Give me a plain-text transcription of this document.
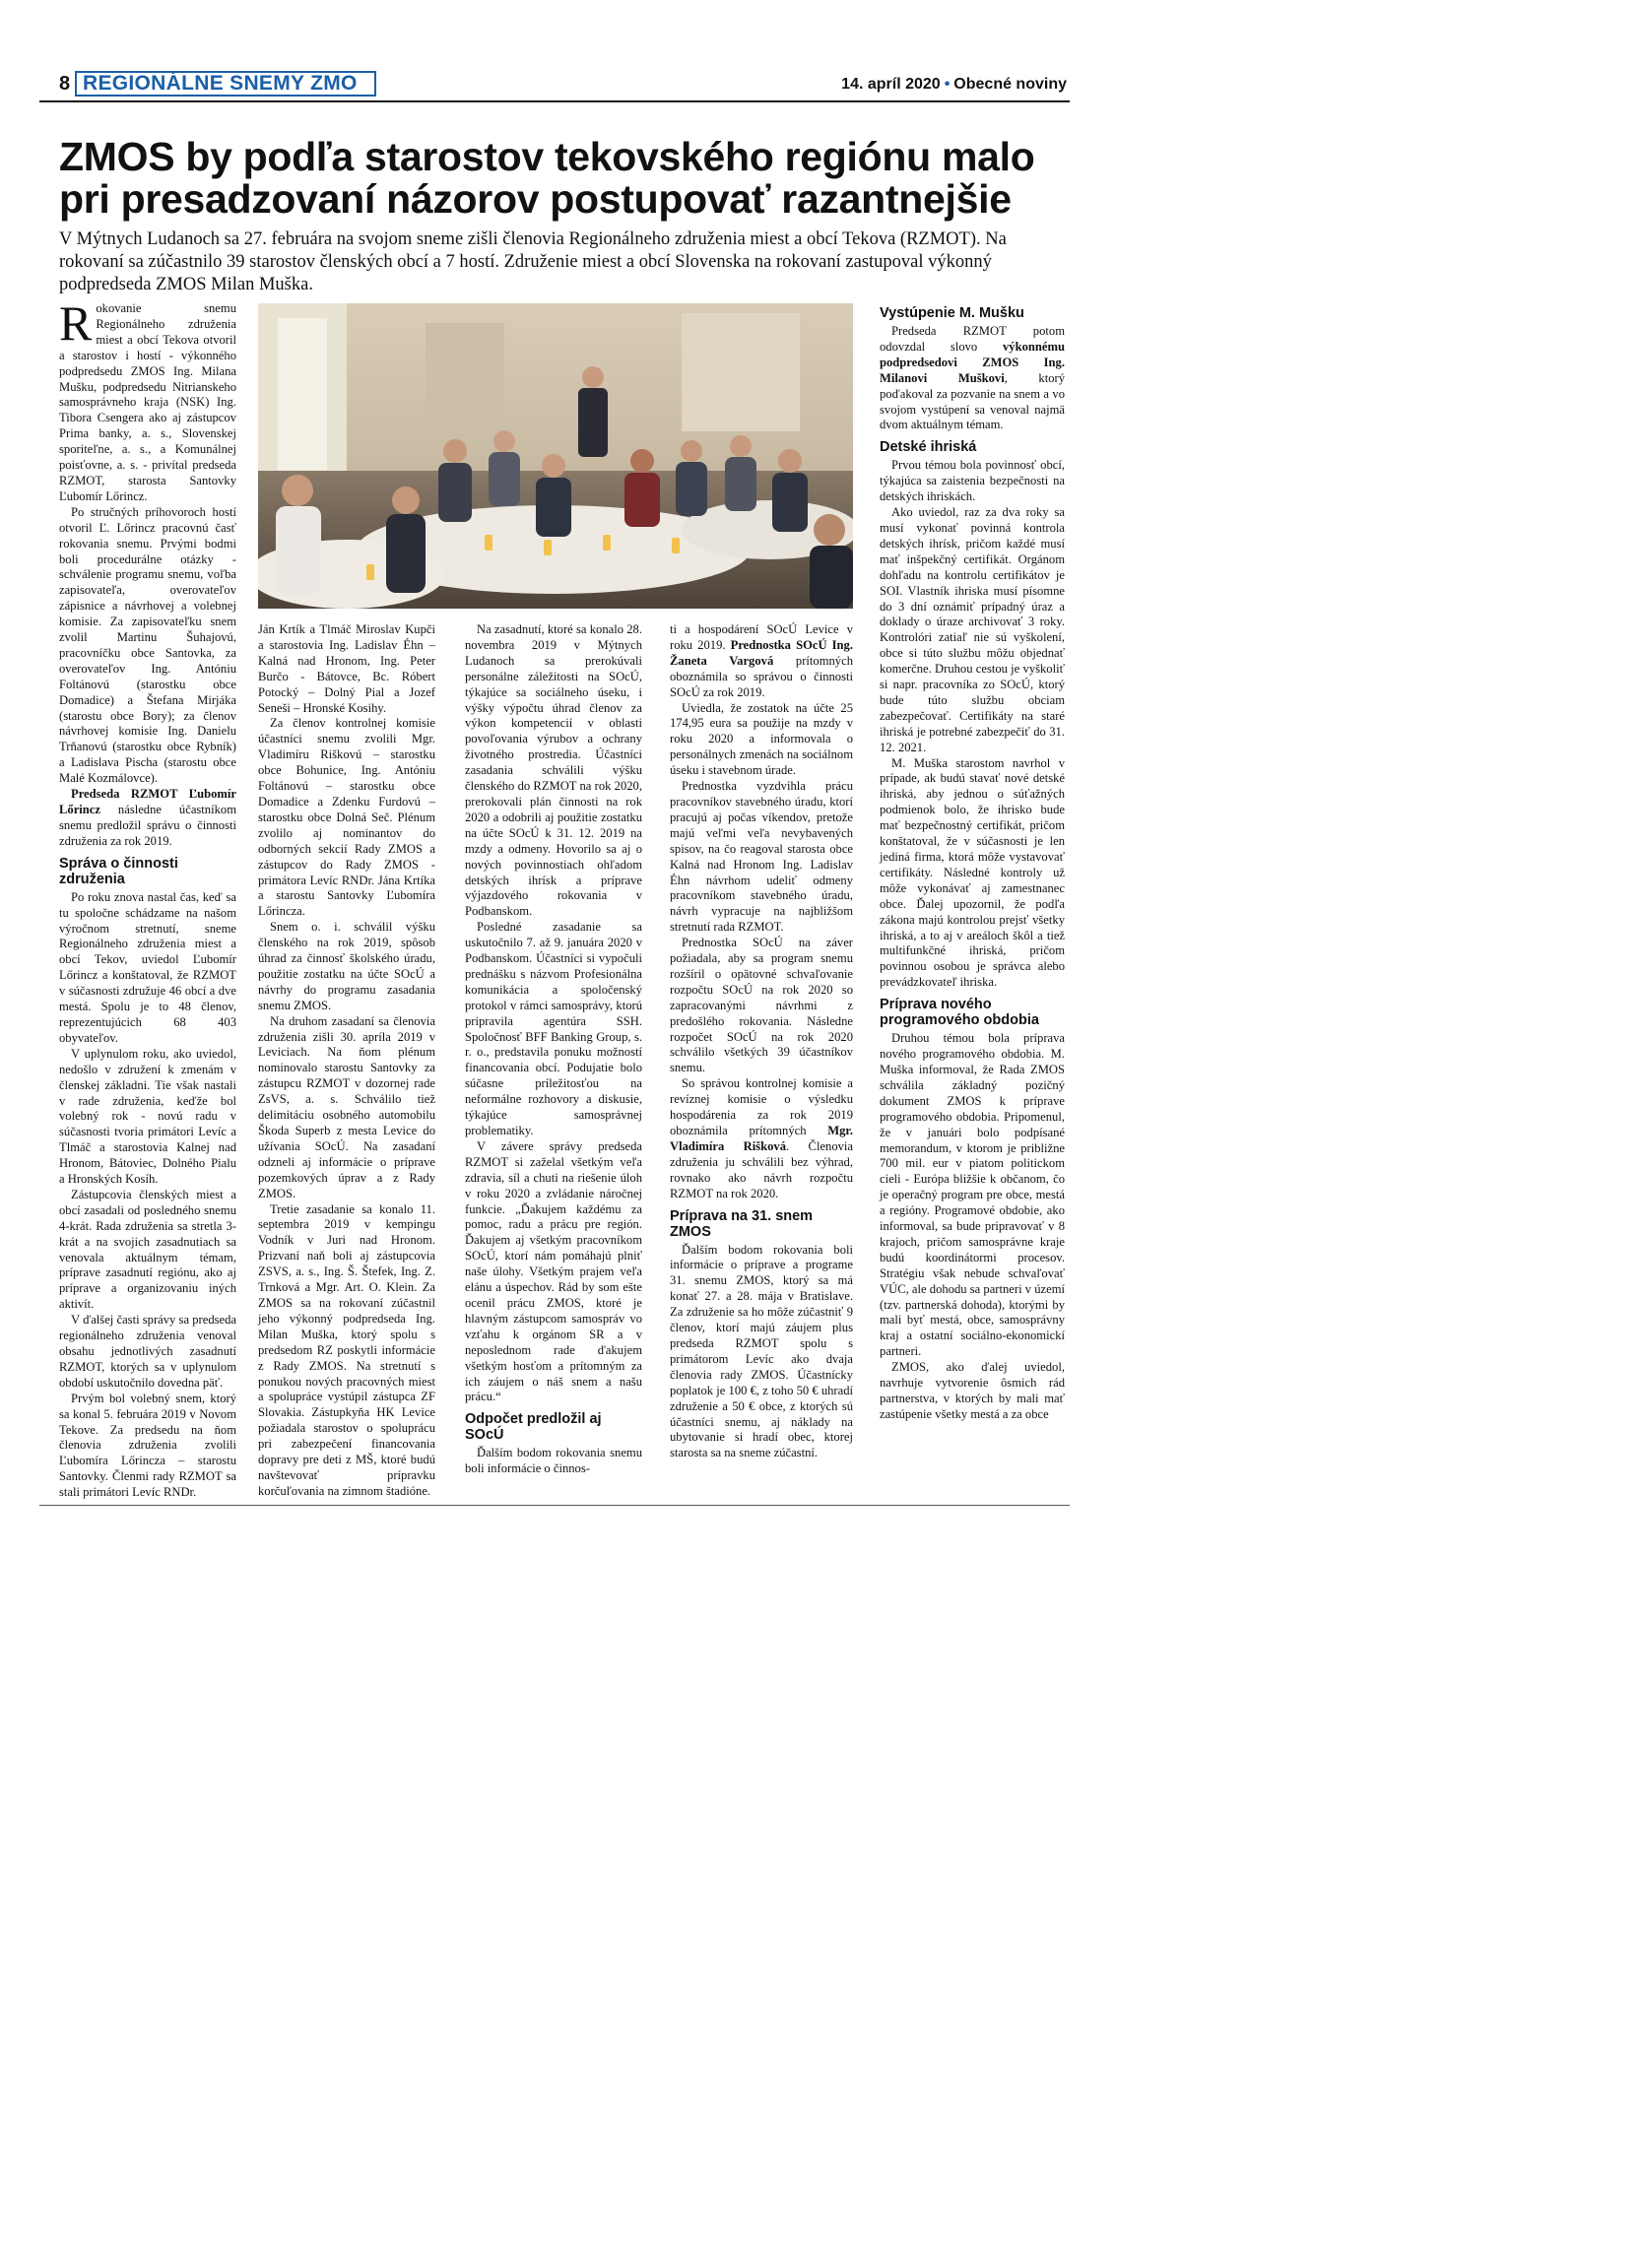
8 REGIONÁLNE SNEMY ZMO	14. apríl 2020 • Obecné noviny
ZMOS by podľa starostov tekovského regiónu malo
pri presadzovaní názorov postupovať razantnejšie
V Mýtnych Ludanoch sa 27. februára na svojom sneme zišli členovia Regionálneho združenia miest a obcí Tekova (RZMOT). Na rokovaní sa zúčastnilo 39 starostov členských obcí a 7 hostí. Združenie miest a obcí Slovenska na rokovaní zastupoval výkonný podpredseda ZMOS Milan Muška.

Rokovanie snemu Regionálneho združenia miest a obcí Tekova otvoril a starostov i hostí - výkonného podpredsedu ZMOS Ing. Milana Mušku, podpredsedu Nitrianskeho samosprávneho kraja (NSK) Ing. Tibora Csengera ako aj zástupcov Prima banky, a. s., Slovenskej sporiteľne, a. s., a Komunálnej poisťovne, a. s. - privítal predseda RZMOT, starosta Santovky Ľubomír Lőrincz.

Po stručných príhovoroch hostí otvoril Ľ. Lőrincz pracovnú časť rokovania snemu. Prvými bodmi boli procedurálne otázky - schválenie programu snemu, voľba zapisovateľa, overovateľov zápisnice a návrhovej a volebnej komisie. Za zapisovateľku snem zvolil Martinu Šuhajovú, pracovníčku obce Santovka, za overovateľov Ing. Antóniu Foltánovú (starostku obce Domadice) a Štefana Mirjáka (starostu obce Bory); za členov návrhovej komisie Ing. Danielu Trňanovú (starostku obce Rybník) a Ladislava Pischa (starostu obce Malé Kozmálovce).

Predseda RZMOT Ľubomír Lőrincz následne účastníkom snemu predložil správu o činnosti združenia za rok 2019.

Správa o činnosti združenia

Po roku znova nastal čas, keď sa tu spoločne schádzame na našom výročnom stretnutí, sneme Regionálneho združenia miest a obcí Tekov, uviedol Ľubomír Lőrincz a konštatoval, že RZMOT v súčasnosti združuje 46 obcí a dve mestá. Spolu je to 48 členov, reprezentujúcich 68 403 obyvateľov.

V uplynulom roku, ako uviedol, nedošlo v združení k zmenám v členskej základni. Tie však nastali v rade združenia, keďže bol volebný rok - novú radu v súčasnosti tvoria primátori Levíc a Tlmáč a starostovia Kalnej nad Hronom, Bátoviec, Dolného Pialu a Hronských Kosíh.

Zástupcovia členských miest a obcí zasadali od posledného snemu 4-krát. Rada združenia sa stretla 3-krát a na svojich zasadnutiach sa venovala aktuálnym témam, príprave zasadnutí regiónu, ako aj príprave a organizovaniu iných aktivít.

V ďalšej časti správy sa predseda regionálneho združenia venoval obsahu jednotlivých zasadnutí RZMOT, ktorých sa v uplynulom období uskutočnilo dovedna päť.

Prvým bol volebný snem, ktorý sa konal 5. februára 2019 v Novom Tekove. Za predsedu na ňom členovia združenia zvolili Ľubomíra Lőrincza – starostu Santovky. Členmi rady RZMOT sa stali primátori Levíc RNDr.

Ján Krtík a Tlmáč Miroslav Kupči a starostovia Ing. Ladislav Éhn – Kalná nad Hronom, Ing. Peter Burčo - Bátovce, Bc. Róbert Potocký – Dolný Pial a Jozef Seneši – Hronské Kosihy.

Za členov kontrolnej komisie účastníci snemu zvolili Mgr. Vladimíru Riškovú – starostku obce Bohunice, Ing. Antóniu Foltánovú – starostku obce Domadice a Zdenku Furdovú – starostku obce Dolná Seč. Plénum zvolilo aj nominantov do odborných sekcií Rady ZMOS a zástupcov do Rady ZMOS - primátora Levíc RNDr. Jána Krtíka a starostu Santovky Ľubomíra Lőrincza.

Snem o. i. schválil výšku členského na rok 2019, spôsob úhrad za činnosť školského úradu, použitie zostatku na účte SOcÚ a návrhy do programu zasadania snemu ZMOS.

Na druhom zasadaní sa členovia združenia zišli 30. apríla 2019 v Leviciach. Na ňom plénum nominovalo starostu Santovky za zástupcu RZMOT v dozornej rade ZsVS, a. s. Schválilo tiež delimitáciu osobného automobilu Škoda Superb z mesta Levice do užívania SOcÚ. Na zasadaní odzneli aj informácie o príprave pozemkových úprav a z Rady ZMOS.

Tretie zasadanie sa konalo 11. septembra 2019 v kempingu Vodník v Juri nad Hronom. Prizvaní naň boli aj zástupcovia ZSVS, a. s., Ing. Š. Štefek, Ing. Z. Trnková a Mgr. Art. O. Klein. Za ZMOS sa na rokovaní zúčastnil jeho výkonný podpredseda Ing. Milan Muška, ktorý spolu s predsedom RZ poskytli informácie z Rady ZMOS. Na stretnutí s ponukou nových pracovných miest a spolupráce vystúpil zástupca ZF Slovakia. Zástupkyňa HK Levice požiadala starostov o spoluprácu pri zabezpečení financovania dopravy pre deti z MŠ, ktoré budú navštevovať prípravku korčuľovania na zimnom štadióne.

Na zasadnutí, ktoré sa konalo 28. novembra 2019 v Mýtnych Ludanoch sa prerokúvali personálne záležitosti na SOcÚ, týkajúce sa sociálneho úseku, i výšky výpočtu úhrad členov za výkon kompetencií v oblasti povoľovania výrubov a ochrany životného prostredia. Účastníci zasadania schválili výšku členského do RZMOT na rok 2020, prerokovali plán činnosti na rok 2020 a odobrili aj použitie zostatku na účte SOcÚ k 31. 12. 2019 na mzdy a odmeny. Hovorilo sa aj o nových povinnostiach ohľadom detských ihrísk a príprave výjazdového rokovania v Podbanskom.

Posledné zasadanie sa uskutočnilo 7. až 9. januára 2020 v Podbanskom. Účastníci si vypočuli prednášku s názvom Profesionálna komunikácia a spoločenský protokol v rámci samosprávy, ktorú pripravila agentúra SSH. Spoločnosť BFF Banking Group, s. r. o., predstavila ponuku možností financovania obcí. Podujatie bolo súčasne príležitosťou na neformálne rozhovory a diskusie, týkajúce samosprávnej problematiky.

V závere správy predseda RZMOT si zaželal všetkým veľa zdravia, síl a chuti na riešenie úloh v roku 2020 a zvládanie náročnej funkcie. „Ďakujem každému za pomoc, radu a prácu pre región. Ďakujem aj všetkým pracovníkom SOcÚ, ktorí nám pomáhajú plniť naše úlohy. Všetkým prajem veľa elánu a úspechov. Rád by som ešte ocenil prácu ZMOS, ktoré je hlavným zástupcom samospráv vo vzťahu k orgánom SR a v neposlednom rade ďakujem všetkým hosťom a prítomným za ich záujem o náš snem a našu prácu.“

Odpočet predložil aj SOcÚ

Ďalším bodom rokovania snemu boli informácie o činnos-

ti a hospodárení SOcÚ Levice v roku 2019. Prednostka SOcÚ Ing. Žaneta Vargová prítomných oboznámila so správou o činnosti SOcÚ za rok 2019.

Uviedla, že zostatok na účte 25 174,95 eura sa použije na mzdy v roku 2020 a informovala o personálnych zmenách na sociálnom úseku i stavebnom úrade.

Prednostka vyzdvihla prácu pracovníkov stavebného úradu, ktorí pracujú aj počas víkendov, pretože majú veľmi veľa nevybavených spisov, na čo reagoval starosta obce Kalná nad Hronom Ing. Ladislav Éhn návrhom udeliť odmeny pracovníkom stavebného úradu, návrh vypracuje na najbližšom stretnutí rada RZMOT.

Prednostka SOcÚ na záver požiadala, aby sa program snemu rozšíril o opätovné schvaľovanie rozpočtu SOcÚ na rok 2020 so zapracovanými návrhmi z predošlého rokovania. Následne rozpočet SOcÚ na rok 2020 schválilo všetkých 39 účastníkov snemu.

So správou kontrolnej komisie a revíznej komisie o výsledku hospodárenia za rok 2019 oboznámila prítomných Mgr. Vladimíra Rišková. Členovia združenia ju schválili bez výhrad, rovnako ako návrh rozpočtu RZMOT na rok 2020.

Príprava na 31. snem ZMOS

Ďalším bodom rokovania boli informácie o príprave a programe 31. snemu ZMOS, ktorý sa má konať 27. a 28. mája v Bratislave. Za združenie sa ho môže zúčastniť 9 členov, ktorí majú záujem plus predseda RZMOT spolu s primátorom Levíc ako dvaja členovia rady ZMOS. Účastnícky poplatok je 100 €, z toho 50 € uhradí združenie a 50 € obce, z ktorých sú účastníci snemu, aj náklady na ubytovanie si hradí obec, ktorej starosta sa na sneme zúčastní.

Vystúpenie M. Mušku

Predseda RZMOT potom odovzdal slovo výkonnému podpredsedovi ZMOS Ing. Milanovi Muškovi, ktorý poďakoval za pozvanie na snem a vo svojom vystúpení sa venoval najmä dvom aktuálnym témam.

Detské ihriská

Prvou témou bola povinnosť obcí, týkajúca sa zaistenia bezpečnosti na detských ihriskách.

Ako uviedol, raz za dva roky sa musí vykonať povinná kontrola detských ihrísk, pričom každé musí mať inšpekčný certifikát. Orgánom dohľadu na kontrolu certifikátov je SOI. Vlastník ihriska musí písomne do 3 dní oznámiť prípadný úraz a doklady o úraze archivovať 3 roky. Kontrolóri zatiaľ nie sú vyškolení, obce si túto službu môžu objednať komerčne. Druhou cestou je vyškoliť si napr. pracovníka zo SOcÚ, ktorý bude túto službu obciam zabezpečovať. Certifikáty na staré ihriská je potrebné zabezpečiť do 31. 12. 2021.

M. Muška starostom navrhol v prípade, ak budú stavať nové detské ihriská, aby jednou o súťažných podmienok bolo, že ihrisko bude mať bezpečnostný certifikát, pričom konštatoval, že v súčasnosti je len jediná firma, ktorá môže vystavovať certifikáty. Následné kontroly už môže vykonávať aj zamestnanec obce. Ďalej upozornil, že podľa zákona majú kontrolou prejsť všetky ihriská, a to aj v areáloch škôl a tiež multifunkčné ihriská, pričom povinnou osobou je správca alebo prevádzkovateľ ihriska.

Príprava nového programového obdobia

Druhou témou bola príprava nového programového obdobia. M. Muška informoval, že Rada ZMOS schválila základný pozičný dokument ZMOS k príprave programového obdobia. Pripomenul, že v januári bolo podpísané memorandum, v ktorom je približne 700 mil. eur v piatom politickom cieli - Európa bližšie k občanom, čo je operačný program pre obce, mestá a regióny. Programové obdobie, ako informoval, sa bude pripravovať v 8 krajoch, pričom samosprávne kraje budú koordinátormi procesov. Stratégiu však nebude schvaľovať VÚC, ale dohodu sa partneri v území (tzv. partnerská dohoda), ktorými by mali byť mestá, obce, samosprávny kraj a ostatní sociálno-ekonomickí partneri.

ZMOS, ako ďalej uviedol, navrhuje vytvorenie ôsmich rád partnerstva, v ktorých by mali mať zastúpenie všetky mestá a za obce
